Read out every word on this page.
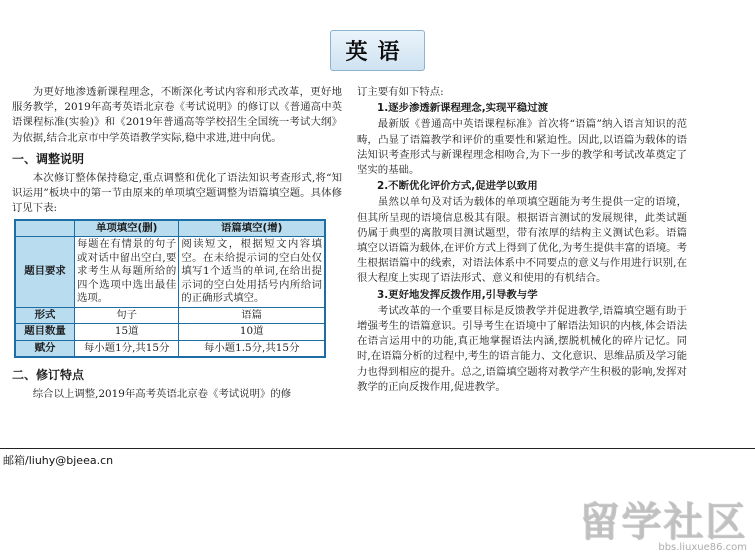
英语

为更好地渗透新课程理念，不断深化考试内容和形式改革，更好地服务教学，2019年高考英语北京卷《考试说明》的修订以《普通高中英语课程标准(实验)》和《2019年普通高等学校招生全国统一考试大纲》为依据,结合北京市中学英语教学实际,稳中求进,进中向优。

一、调整说明

本次修订整体保持稳定,重点调整和优化了语法知识考查形式,将“知识运用”板块中的第一节由原来的单项填空题调整为语篇填空题。具体修订见下表:

	单项填空(删)	语篇填空(增)
题目要求	每题在有情景的句子或对话中留出空白,要求考生从每题所给的四个选项中选出最佳选项。	阅读短文，根据短文内容填空。在未给提示词的空白处仅填写1个适当的单词,在给出提示词的空白处用括号内所给词的正确形式填空。
形式	句子	语篇
题目数量	15道	10道
赋分	每小题1分,共15分	每小题1.5分,共15分
二、修订特点

综合以上调整,2019年高考英语北京卷《考试说明》的修

订主要有如下特点:

1.逐步渗透新课程理念,实现平稳过渡

最新版《普通高中英语课程标准》首次将“语篇”纳入语言知识的范畴，凸显了语篇教学和评价的重要性和紧迫性。因此,以语篇为载体的语法知识考查形式与新课程理念相吻合,为下一步的教学和考试改革奠定了坚实的基础。

2.不断优化评价方式,促进学以致用

虽然以单句及对话为载体的单项填空题能为考生提供一定的语境，但其所呈现的语境信息极其有限。根据语言测试的发展规律，此类试题仍属于典型的离散项目测试题型，带有浓厚的结构主义测试色彩。语篇填空以语篇为载体,在评价方式上得到了优化,为考生提供丰富的语境。考生根据语篇中的线索，对语法体系中不同要点的意义与作用进行识别,在很大程度上实现了语法形式、意义和使用的有机结合。

3.更好地发挥反拨作用,引导教与学

考试改革的一个重要目标是反馈教学并促进教学,语篇填空题有助于增强考生的语篇意识。引导考生在语境中了解语法知识的内核,体会语法在语言运用中的功能,真正地掌握语法内涵,摆脱机械化的碎片记忆。同时,在语篇分析的过程中,考生的语言能力、文化意识、思维品质及学习能力也得到相应的提升。总之,语篇填空题将对教学产生积极的影响,发挥对教学的正向反拨作用,促进教学。

邮箱/liuhy@bjeea.cn
留学社区
bbs.liuxue86.com
